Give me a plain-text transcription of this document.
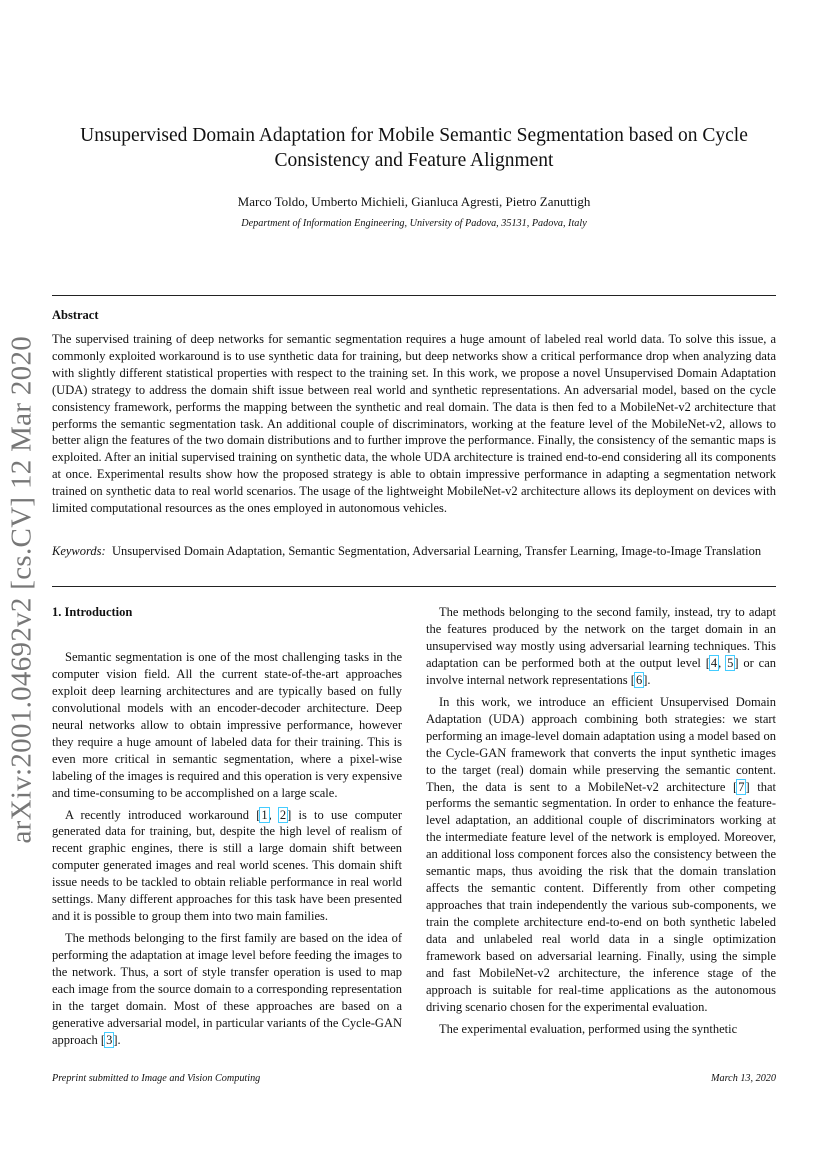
arXiv:2001.04692v2 [cs.CV] 12 Mar 2020
Unsupervised Domain Adaptation for Mobile Semantic Segmentation based on Cycle Consistency and Feature Alignment
Marco Toldo, Umberto Michieli, Gianluca Agresti, Pietro Zanuttigh
Department of Information Engineering, University of Padova, 35131, Padova, Italy
Abstract
The supervised training of deep networks for semantic segmentation requires a huge amount of labeled real world data. To solve this issue, a commonly exploited workaround is to use synthetic data for training, but deep networks show a critical performance drop when analyzing data with slightly different statistical properties with respect to the training set. In this work, we propose a novel Unsupervised Domain Adaptation (UDA) strategy to address the domain shift issue between real world and synthetic representations. An adversarial model, based on the cycle consistency framework, performs the mapping between the synthetic and real domain. The data is then fed to a MobileNet-v2 architecture that performs the semantic segmentation task. An additional couple of discriminators, working at the feature level of the MobileNet-v2, allows to better align the features of the two domain distributions and to further improve the performance. Finally, the consistency of the semantic maps is exploited. After an initial supervised training on synthetic data, the whole UDA architecture is trained end-to-end considering all its components at once. Experimental results show how the proposed strategy is able to obtain impressive performance in adapting a segmentation network trained on synthetic data to real world scenarios. The usage of the lightweight MobileNet-v2 architecture allows its deployment on devices with limited computational resources as the ones employed in autonomous vehicles.
Keywords: Unsupervised Domain Adaptation, Semantic Segmentation, Adversarial Learning, Transfer Learning, Image-to-Image Translation
1. Introduction

Semantic segmentation is one of the most challenging tasks in the computer vision field. All the current state-of-the-art approaches exploit deep learning architectures and are typically based on fully convolutional models with an encoder-decoder architecture. Deep neural networks allow to obtain impressive performance, however they require a huge amount of labeled data for their training. This is even more critical in semantic segmentation, where a pixel-wise labeling of the images is required and this operation is very expensive and time-consuming to be accomplished on a large scale.

A recently introduced workaround [1, 2] is to use computer generated data for training, but, despite the high level of realism of recent graphic engines, there is still a large domain shift between computer generated images and real world scenes. This domain shift issue needs to be tackled to obtain reliable performance in real world settings. Many different approaches for this task have been presented and it is possible to group them into two main families.

The methods belonging to the first family are based on the idea of performing the adaptation at image level before feeding the images to the network. Thus, a sort of style transfer operation is used to map each image from the source domain to a corresponding representation in the target domain. Most of these approaches are based on a generative adversarial model, in particular variants of the Cycle-GAN approach [3].

The methods belonging to the second family, instead, try to adapt the features produced by the network on the target domain in an unsupervised way mostly using adversarial learning techniques. This adaptation can be performed both at the output level [4, 5] or can involve internal network representations [6].

In this work, we introduce an efficient Unsupervised Domain Adaptation (UDA) approach combining both strategies: we start performing an image-level domain adaptation using a model based on the Cycle-GAN framework that converts the input synthetic images to the target (real) domain while preserving the semantic content. Then, the data is sent to a MobileNet-v2 architecture [7] that performs the semantic segmentation. In order to enhance the feature-level adaptation, an additional couple of discriminators working at the intermediate feature level of the network is employed. Moreover, an additional loss component forces also the consistency between the semantic maps, thus avoiding the risk that the domain translation affects the semantic content. Differently from other competing approaches that train independently the various sub-components, we train the complete architecture end-to-end on both synthetic labeled data and unlabeled real world data in a single optimization framework based on adversarial learning. Finally, using the simple and fast MobileNet-v2 architecture, the inference stage of the approach is suitable for real-time applications as the autonomous driving scenario chosen for the experimental evaluation.

The experimental evaluation, performed using the synthetic

Preprint submitted to Image and Vision Computing	March 13, 2020
